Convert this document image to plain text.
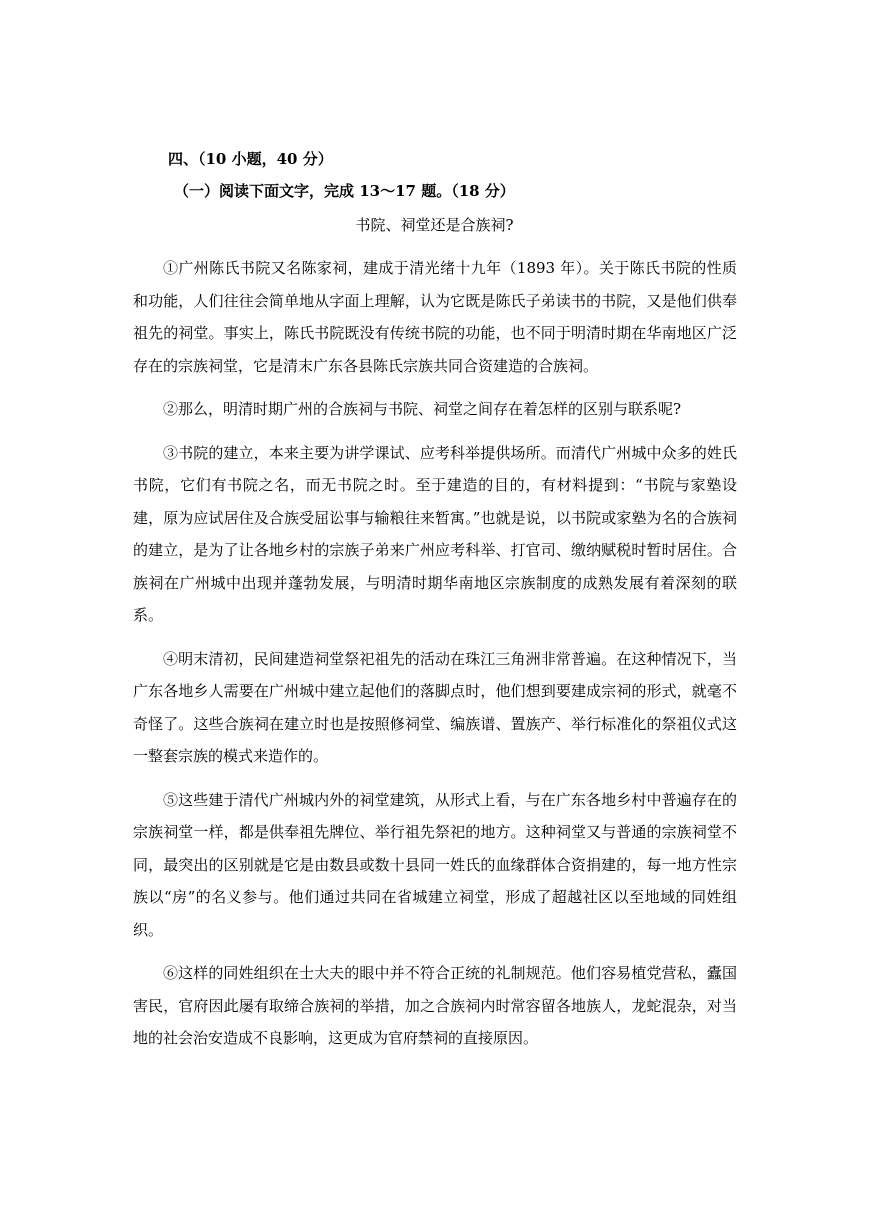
四、（10 小题，40 分）
（一）阅读下面文字，完成 13～17 题。（18 分）
书院、祠堂还是合族祠?

①广州陈氏书院又名陈家祠，建成于清光绪十九年（1893 年）。关于陈氏书院的性质和功能，人们往往会简单地从字面上理解，认为它既是陈氏子弟读书的书院，又是他们供奉祖先的祠堂。事实上，陈氏书院既没有传统书院的功能，也不同于明清时期在华南地区广泛存在的宗族祠堂，它是清末广东各县陈氏宗族共同合资建造的合族祠。

②那么，明清时期广州的合族祠与书院、祠堂之间存在着怎样的区别与联系呢?

③书院的建立，本来主要为讲学课试、应考科举提供场所。而清代广州城中众多的姓氏书院，它们有书院之名，而无书院之时。至于建造的目的，有材料提到：“书院与家塾设建，原为应试居住及合族受屈讼事与输粮往来暂寓。”也就是说，以书院或家塾为名的合族祠的建立，是为了让各地乡村的宗族子弟来广州应考科举、打官司、缴纳赋税时暂时居住。合族祠在广州城中出现并蓬勃发展，与明清时期华南地区宗族制度的成熟发展有着深刻的联系。

④明末清初，民间建造祠堂祭祀祖先的活动在珠江三角洲非常普遍。在这种情况下，当广东各地乡人需要在广州城中建立起他们的落脚点时，他们想到要建成宗祠的形式，就毫不奇怪了。这些合族祠在建立时也是按照修祠堂、编族谱、置族产、举行标准化的祭祖仪式这一整套宗族的模式来造作的。

⑤这些建于清代广州城内外的祠堂建筑，从形式上看，与在广东各地乡村中普遍存在的宗族祠堂一样，都是供奉祖先牌位、举行祖先祭祀的地方。这种祠堂又与普通的宗族祠堂不同，最突出的区别就是它是由数县或数十县同一姓氏的血缘群体合资捐建的，每一地方性宗族以“房”的名义参与。他们通过共同在省城建立祠堂，形成了超越社区以至地域的同姓组织。

⑥这样的同姓组织在士大夫的眼中并不符合正统的礼制规范。他们容易植党营私，蠹国害民，官府因此屡有取缔合族祠的举措，加之合族祠内时常容留各地族人，龙蛇混杂，对当地的社会治安造成不良影响，这更成为官府禁祠的直接原因。
